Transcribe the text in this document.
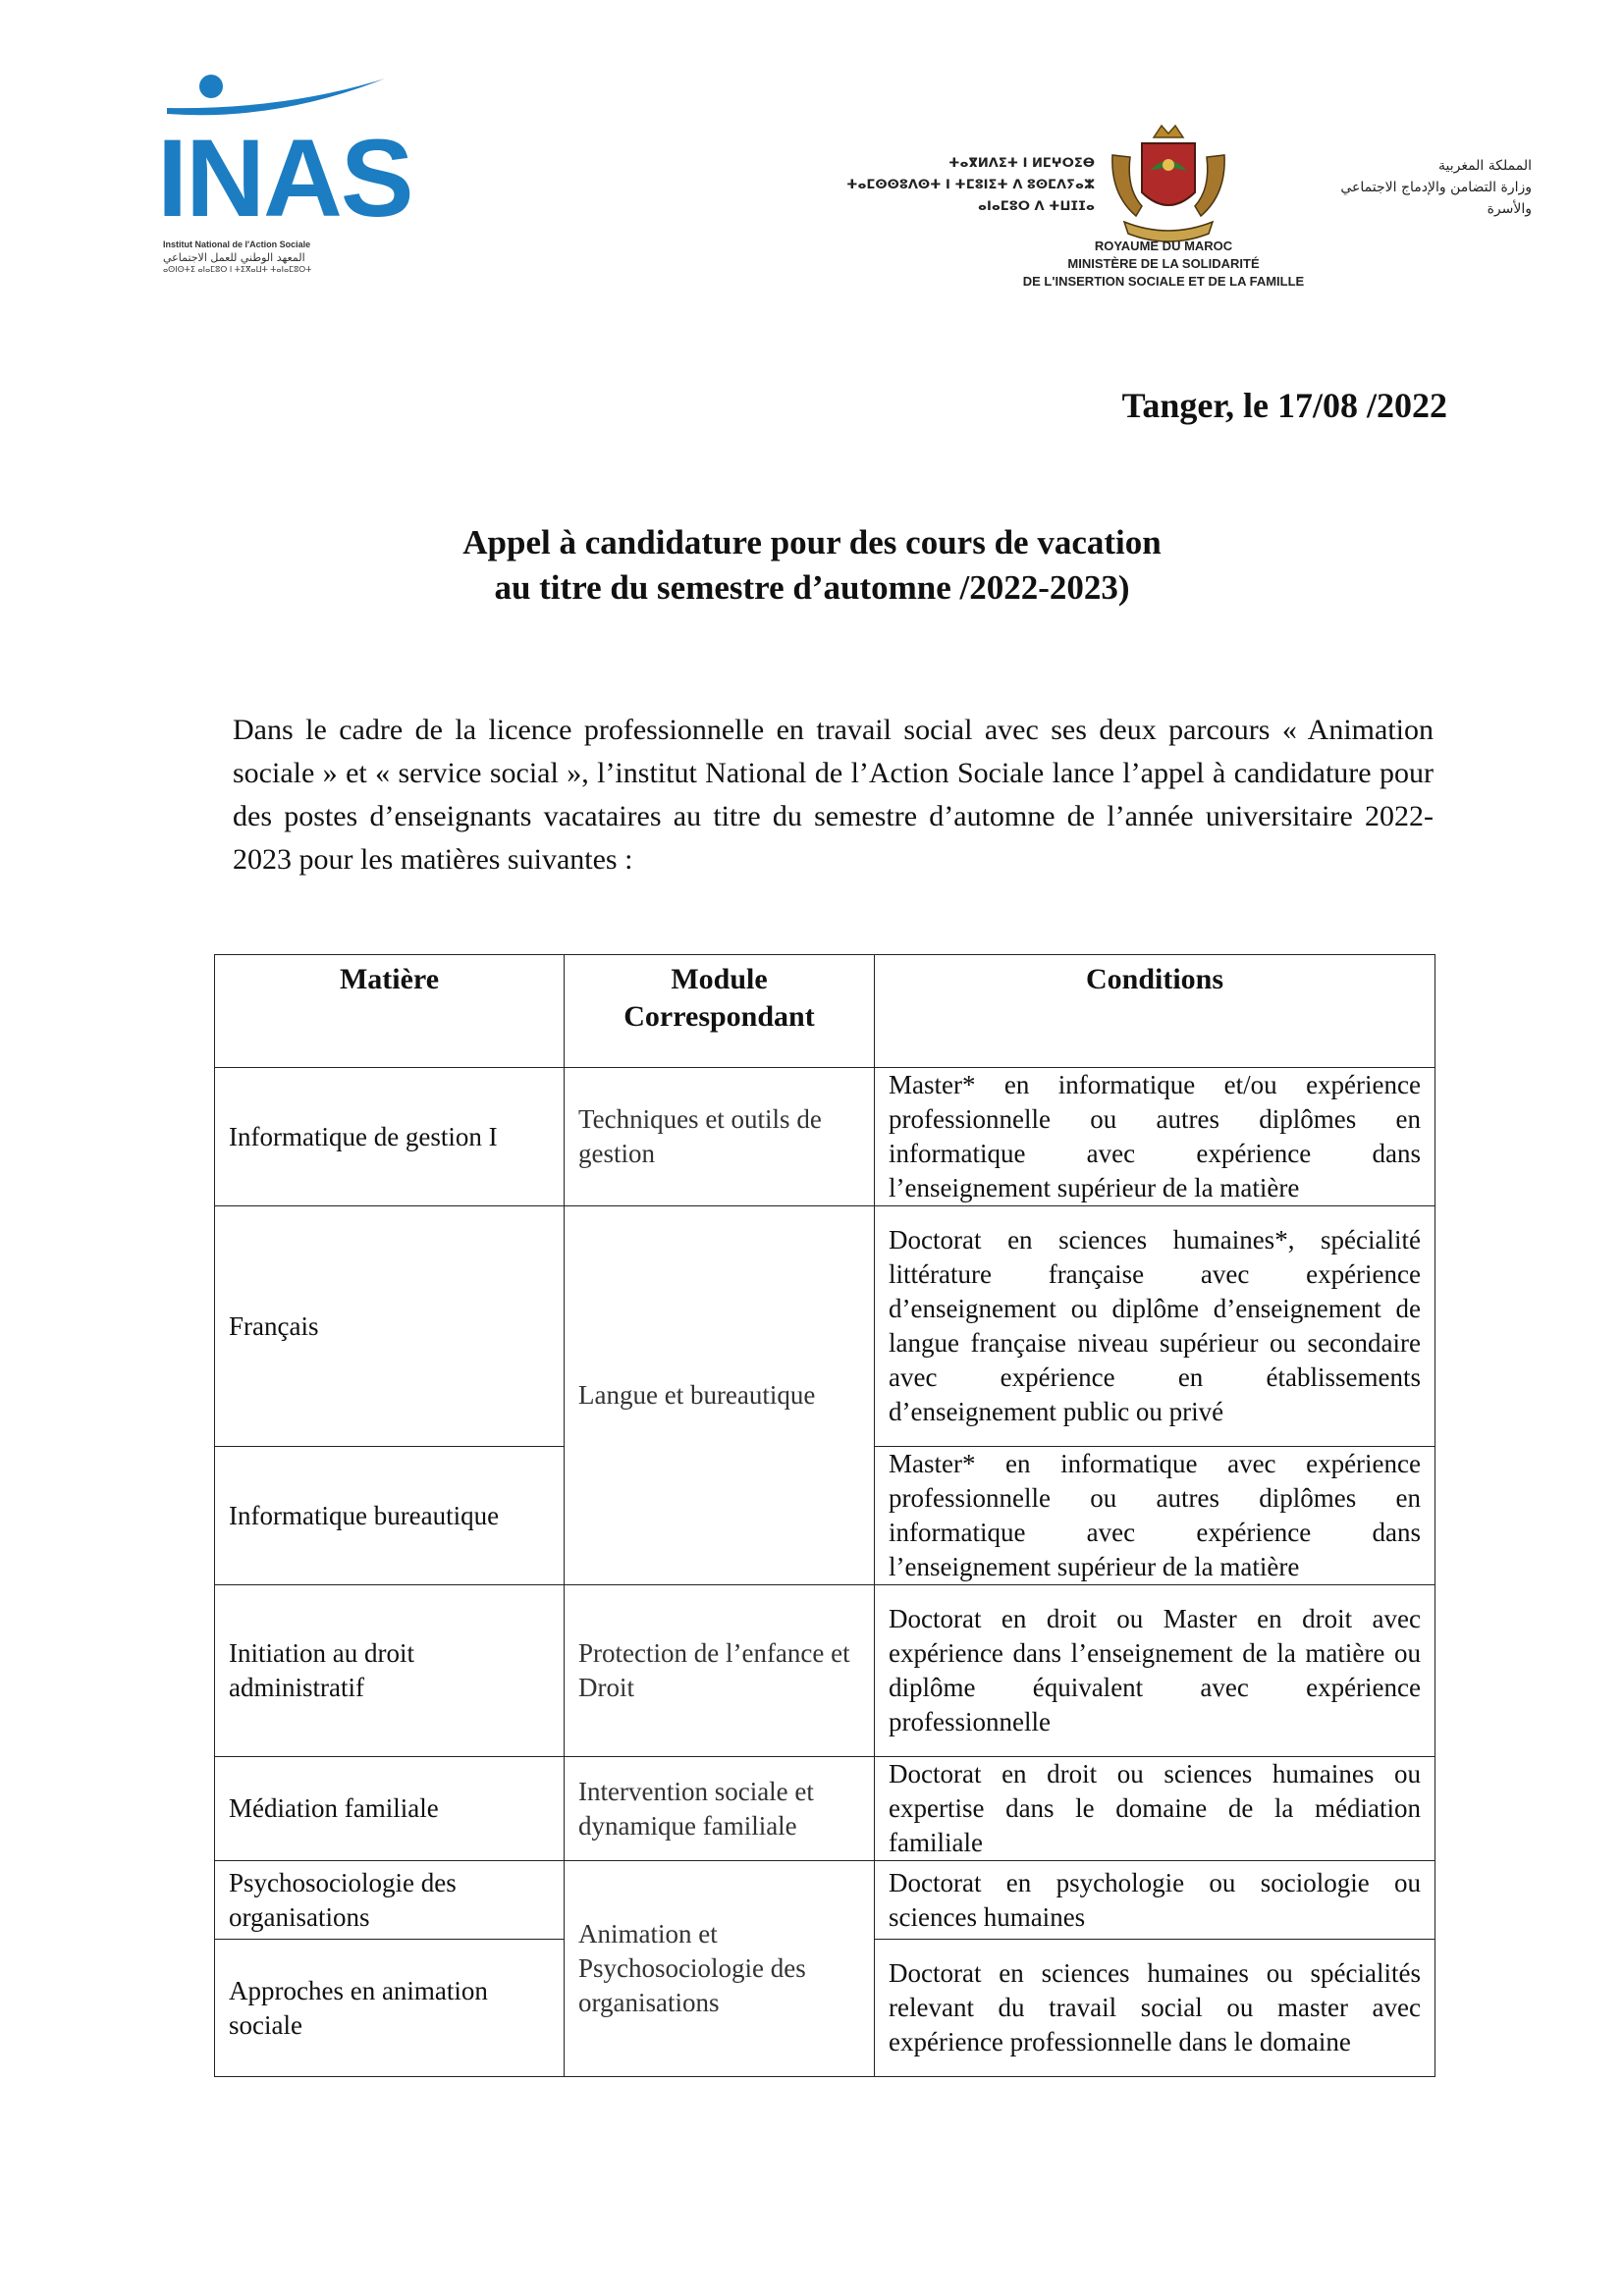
INAS
Institut National de l'Action Sociale
المعهد الوطني للعمل الاجتماعي
ⴰⵙⵏⵙⵜⵉ ⴰⵏⴰⵎⵓⵔ ⵏ ⵜⵉⴳⴰⵡⵜ ⵜⴰⵏⴰⵎⵓⵔⵜ
ⵜⴰⴳⵍⴷⵉⵜ ⵏ ⵍⵎⵖⵔⵉⴱ
ⵜⴰⵎⵙⵙⵓⴷⵙⵜ ⵏ ⵜⵎⵓⵏⵉⵜ ⴷ ⵓⵙⵎⴷⵢⴰⵣ
ⴰⵏⴰⵎⵓⵔ ⴷ ⵜⵡⵊⵊⴰ
المملكة المغربية
وزارة التضامن والإدماج الاجتماعي
والأسرة
ROYAUME DU MAROC
MINISTÈRE DE LA SOLIDARITÉ
DE L'INSERTION SOCIALE ET DE LA FAMILLE
Tanger, le 17/08 /2022
Appel à candidature pour des cours de vacation
au titre du semestre d’automne /2022-2023)
Dans le cadre de la licence professionnelle en travail social avec ses deux parcours « Animation sociale » et « service social », l’institut National de l’Action Sociale lance l’appel à candidature pour des postes d’enseignants vacataires au titre du semestre d’automne de l’année universitaire 2022-2023 pour les matières suivantes :
Matière	Module Correspondant	Conditions
Informatique de gestion I	Techniques et outils de gestion	Master* en informatique et/ou expérience professionnelle ou autres diplômes en informatique avec expérience dans l’enseignement supérieur de la matière
Français	Langue et bureautique	Doctorat en sciences humaines*, spécialité littérature française avec expérience d’enseignement ou diplôme d’enseignement de langue française niveau supérieur ou secondaire avec expérience en établissements d’enseignement public ou privé
Informatique bureautique		Master* en informatique avec expérience professionnelle ou autres diplômes en informatique avec expérience dans l’enseignement supérieur de la matière
Initiation au droit administratif	Protection de l’enfance et Droit	Doctorat en droit ou Master en droit avec expérience dans l’enseignement de la matière ou diplôme équivalent avec expérience professionnelle
Médiation familiale	Intervention sociale et dynamique familiale	Doctorat en droit ou sciences humaines ou expertise dans le domaine de la médiation familiale
Psychosociologie des organisations	Animation et Psychosociologie des organisations	Doctorat en psychologie ou sociologie ou sciences humaines
Approches en animation sociale		Doctorat en sciences humaines ou spécialités relevant du travail social ou master avec expérience professionnelle dans le domaine
